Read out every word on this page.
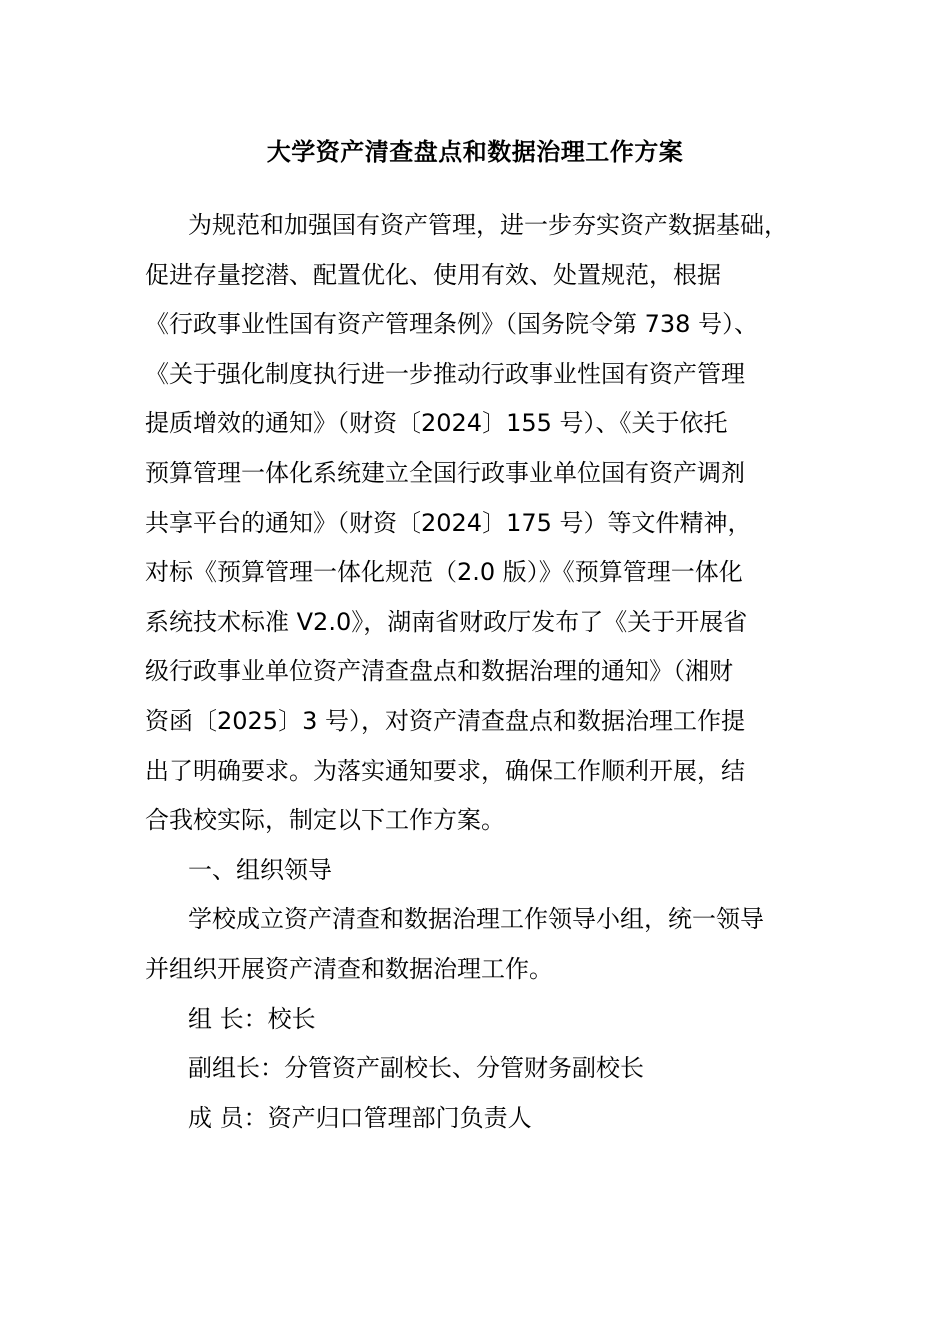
大学资产清查盘点和数据治理工作方案
为规范和加强国有资产管理，进一步夯实资产数据基础，
促进存量挖潜、配置优化、使用有效、处置规范，根据
《行政事业性国有资产管理条例》（国务院令第 738 号）、
《关于强化制度执行进一步推动行政事业性国有资产管理
提质增效的通知》（财资〔2024〕155 号）、《关于依托
预算管理一体化系统建立全国行政事业单位国有资产调剂
共享平台的通知》（财资〔2024〕175 号）等文件精神，
对标《预算管理一体化规范（2.0 版）》《预算管理一体化
系统技术标准 V2.0》，湖南省财政厅发布了《关于开展省
级行政事业单位资产清查盘点和数据治理的通知》（湘财
资函〔2025〕3 号），对资产清查盘点和数据治理工作提
出了明确要求。为落实通知要求，确保工作顺利开展，结
合我校实际，制定以下工作方案。
一、组织领导
学校成立资产清查和数据治理工作领导小组，统一领导
并组织开展资产清查和数据治理工作。
组 长：校长
副组长：分管资产副校长、分管财务副校长
成 员：资产归口管理部门负责人
